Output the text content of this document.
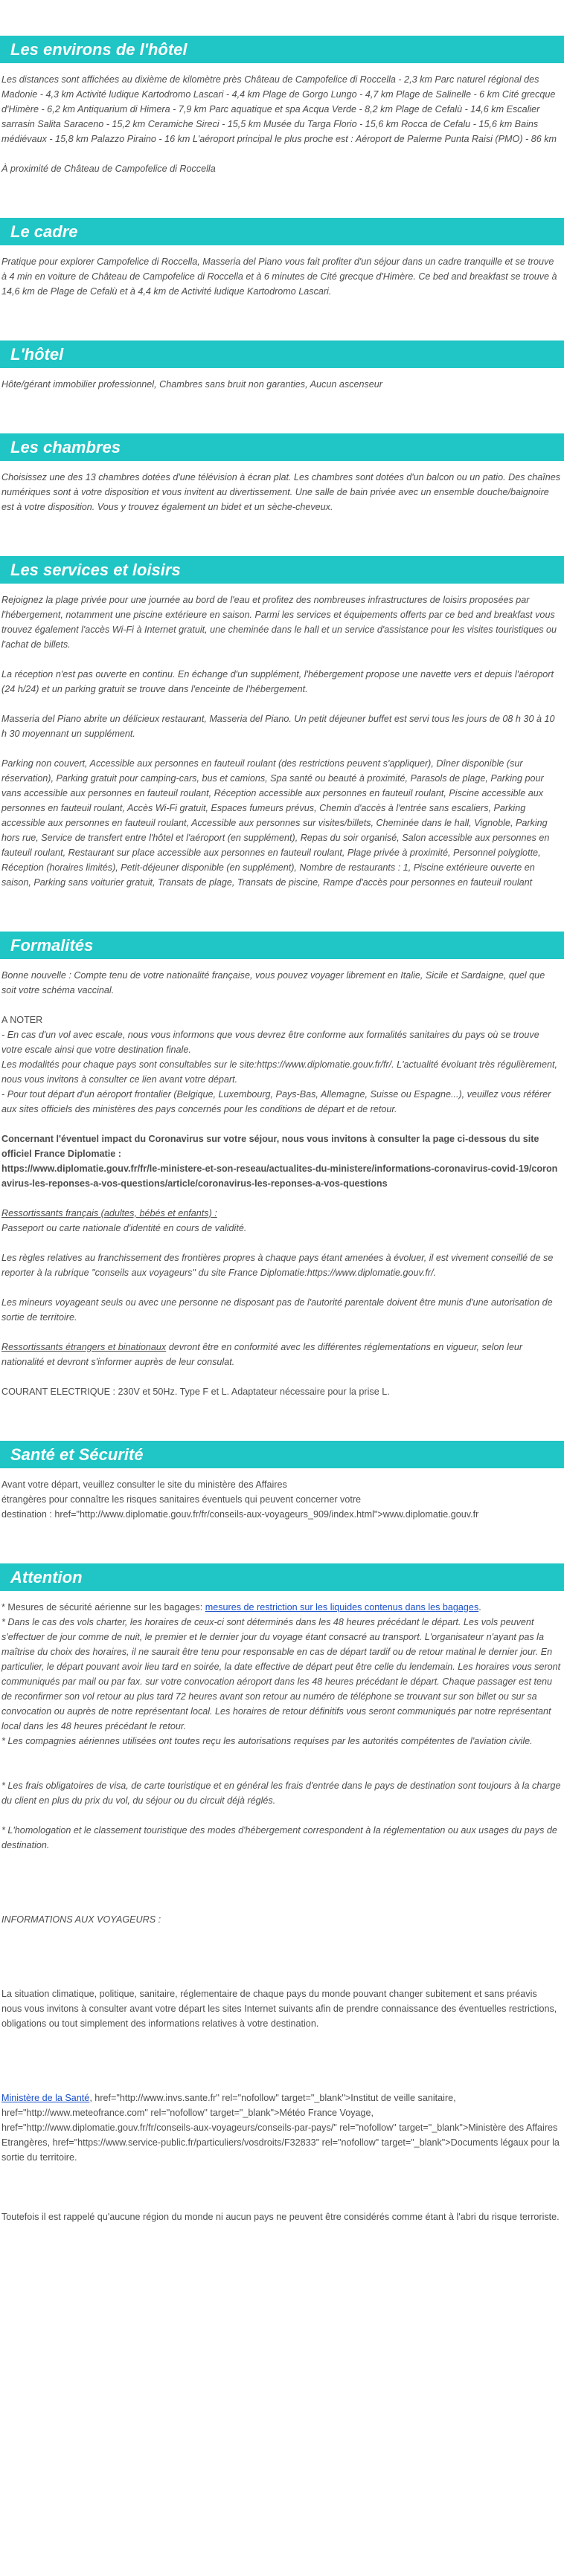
Les environs de l'hôtel

Les distances sont affichées au dixième de kilomètre près Château de Campofelice di Roccella - 2,3 km Parc naturel régional des Madonie - 4,3 km Activité ludique Kartodromo Lascari - 4,4 km Plage de Gorgo Lungo - 4,7 km Plage de Salinelle - 6 km Cité grecque d'Himère - 6,2 km Antiquarium di Himera - 7,9 km Parc aquatique et spa Acqua Verde - 8,2 km Plage de Cefalù - 14,6 km Escalier sarrasin Salita Saraceno - 15,2 km Ceramiche Sireci - 15,5 km Musée du Targa Florio - 15,6 km Rocca de Cefalu - 15,6 km Bains médiévaux - 15,8 km Palazzo Piraino - 16 km L'aéroport principal le plus proche est : Aéroport de Palerme Punta Raisi (PMO) - 86 km

À proximité de Château de Campofelice di Roccella

Le cadre

Pratique pour explorer Campofelice di Roccella, Masseria del Piano vous fait profiter d'un séjour dans un cadre tranquille et se trouve à 4 min en voiture de Château de Campofelice di Roccella et à 6 minutes de Cité grecque d'Himère. Ce bed and breakfast se trouve à 14,6 km de Plage de Cefalù et à 4,4 km de Activité ludique Kartodromo Lascari.

L'hôtel

Hôte/gérant immobilier professionnel, Chambres sans bruit non garanties, Aucun ascenseur

Les chambres

Choisissez une des 13 chambres dotées d'une télévision à écran plat. Les chambres sont dotées d'un balcon ou un patio. Des chaînes numériques sont à votre disposition et vous invitent au divertissement. Une salle de bain privée avec un ensemble douche/baignoire est à votre disposition. Vous y trouvez également un bidet et un sèche-cheveux.

Les services et loisirs

Rejoignez la plage privée pour une journée au bord de l'eau et profitez des nombreuses infrastructures de loisirs proposées par l'hébergement, notamment une piscine extérieure en saison. Parmi les services et équipements offerts par ce bed and breakfast vous trouvez également l'accès Wi-Fi à Internet gratuit, une cheminée dans le hall et un service d'assistance pour les visites touristiques ou l'achat de billets.

La réception n'est pas ouverte en continu. En échange d'un supplément, l'hébergement propose une navette vers et depuis l'aéroport (24 h/24) et un parking gratuit se trouve dans l'enceinte de l'hébergement.

Masseria del Piano abrite un délicieux restaurant, Masseria del Piano. Un petit déjeuner buffet est servi tous les jours de 08 h 30 à 10 h 30 moyennant un supplément.

Parking non couvert, Accessible aux personnes en fauteuil roulant (des restrictions peuvent s'appliquer), Dîner disponible (sur réservation), Parking gratuit pour camping-cars, bus et camions, Spa santé ou beauté à proximité, Parasols de plage, Parking pour vans accessible aux personnes en fauteuil roulant, Réception accessible aux personnes en fauteuil roulant, Piscine accessible aux personnes en fauteuil roulant, Accès Wi-Fi gratuit, Espaces fumeurs prévus, Chemin d'accès à l'entrée sans escaliers, Parking accessible aux personnes en fauteuil roulant, Accessible aux personnes sur visites/billets, Cheminée dans le hall, Vignoble, Parking hors rue, Service de transfert entre l'hôtel et l'aéroport (en supplément), Repas du soir organisé, Salon accessible aux personnes en fauteuil roulant, Restaurant sur place accessible aux personnes en fauteuil roulant, Plage privée à proximité, Personnel polyglotte, Réception (horaires limités), Petit-déjeuner disponible (en supplément), Nombre de restaurants : 1, Piscine extérieure ouverte en saison, Parking sans voiturier gratuit, Transats de plage, Transats de piscine, Rampe d'accès pour personnes en fauteuil roulant

Formalités

Bonne nouvelle : Compte tenu de votre nationalité française, vous pouvez voyager librement en Italie, Sicile et Sardaigne, quel que soit votre schéma vaccinal.

A NOTER

- En cas d'un vol avec escale, nous vous informons que vous devrez être conforme aux formalités sanitaires du pays où se trouve votre escale ainsi que votre destination finale.

Les modalités pour chaque pays sont consultables sur le site:https://www.diplomatie.gouv.fr/fr/. L'actualité évoluant très régulièrement, nous vous invitons à consulter ce lien avant votre départ.

- Pour tout départ d'un aéroport frontalier (Belgique, Luxembourg, Pays-Bas, Allemagne, Suisse ou Espagne...), veuillez vous référer aux sites officiels des ministères des pays concernés pour les conditions de départ et de retour.

Concernant l'éventuel impact du Coronavirus sur votre séjour, nous vous invitons à consulter la page ci-dessous du site officiel France Diplomatie :

https://www.diplomatie.gouv.fr/fr/le-ministere-et-son-reseau/actualites-du-ministere/informations-coronavirus-covid-19/coronavirus-les-reponses-a-vos-questions/article/coronavirus-les-reponses-a-vos-questions

Ressortissants français (adultes, bébés et enfants) :

Passeport ou carte nationale d'identité en cours de validité.

Les règles relatives au franchissement des frontières propres à chaque pays étant amenées à évoluer, il est vivement conseillé de se reporter à la rubrique "conseils aux voyageurs" du site France Diplomatie:https://www.diplomatie.gouv.fr/.

Les mineurs voyageant seuls ou avec une personne ne disposant pas de l'autorité parentale doivent être munis d'une autorisation de sortie de territoire.

Ressortissants étrangers et binationaux devront être en conformité avec les différentes réglementations en vigueur, selon leur nationalité et devront s'informer auprès de leur consulat.

COURANT ELECTRIQUE : 230V et 50Hz. Type F et L. Adaptateur nécessaire pour la prise L.

Santé et Sécurité

Avant votre départ, veuillez consulter le site du ministère des Affaires

étrangères pour connaître les risques sanitaires éventuels qui peuvent concerner votre

destination : href="http://www.diplomatie.gouv.fr/fr/conseils-aux-voyageurs_909/index.html">www.diplomatie.gouv.fr

Attention

* Mesures de sécurité aérienne sur les bagages: mesures de restriction sur les liquides contenus dans les bagages.

* Dans le cas des vols charter, les horaires de ceux-ci sont déterminés dans les 48 heures précédant le départ. Les vols peuvent s'effectuer de jour comme de nuit, le premier et le dernier jour du voyage étant consacré au transport. L'organisateur n'ayant pas la maîtrise du choix des horaires, il ne saurait être tenu pour responsable en cas de départ tardif ou de retour matinal le dernier jour. En particulier, le départ pouvant avoir lieu tard en soirée, la date effective de départ peut être celle du lendemain. Les horaires vous seront communiqués par mail ou par fax. sur votre convocation aéroport dans les 48 heures précédant le départ. Chaque passager est tenu de reconfirmer son vol retour au plus tard 72 heures avant son retour au numéro de téléphone se trouvant sur son billet ou sur sa convocation ou auprès de notre représentant local. Les horaires de retour définitifs vous seront communiqués par notre représentant local dans les 48 heures précédant le retour.

* Les compagnies aériennes utilisées ont toutes reçu les autorisations requises par les autorités compétentes de l'aviation civile.

* Les frais obligatoires de visa, de carte touristique et en général les frais d'entrée dans le pays de destination sont toujours à la charge du client en plus du prix du vol, du séjour ou du circuit déjà réglés.

* L'homologation et le classement touristique des modes d'hébergement correspondent à la réglementation ou aux usages du pays de destination.

INFORMATIONS AUX VOYAGEURS :

La situation climatique, politique, sanitaire, réglementaire de chaque pays du monde pouvant changer subitement et sans préavis

nous vous invitons à consulter avant votre départ les sites Internet suivants afin de prendre connaissance des éventuelles restrictions, obligations ou tout simplement des informations relatives à votre destination.

Ministère de la Santé, href="http://www.invs.sante.fr" rel="nofollow" target="_blank">Institut de veille sanitaire, href="http://www.meteofrance.com" rel="nofollow" target="_blank">Météo France Voyage, href="http://www.diplomatie.gouv.fr/fr/conseils-aux-voyageurs/conseils-par-pays/" rel="nofollow" target="_blank">Ministère des Affaires Etrangères, href="https://www.service-public.fr/particuliers/vosdroits/F32833" rel="nofollow" target="_blank">Documents légaux pour la sortie du territoire.

Toutefois il est rappelé qu'aucune région du monde ni aucun pays ne peuvent être considérés comme étant à l'abri du risque terroriste.
